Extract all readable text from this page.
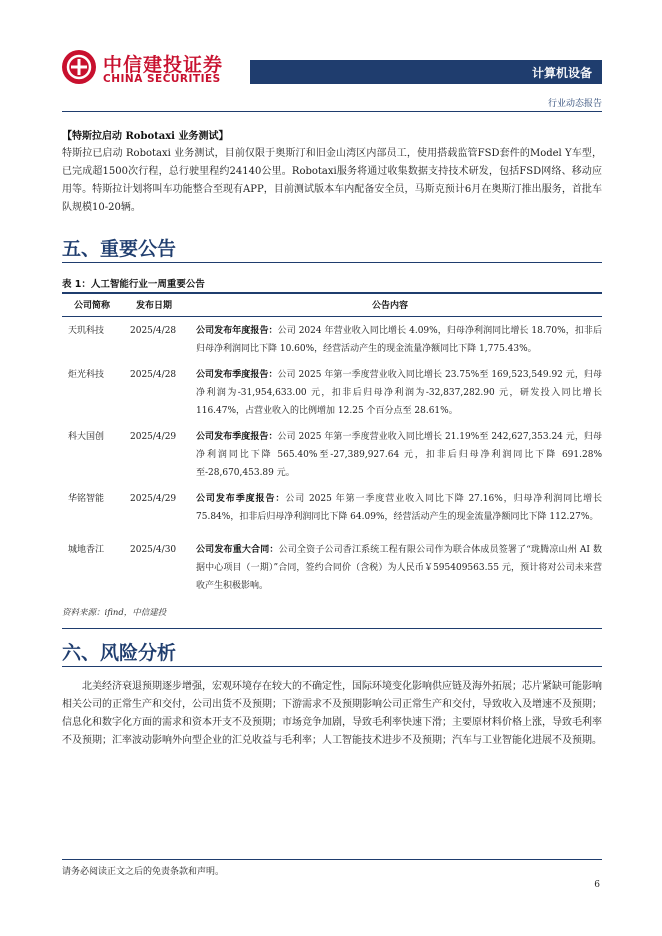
中信建投证券
CHINA SECURITIES	计算机设备
行业动态报告
【特斯拉启动 Robotaxi 业务测试】
特斯拉已启动 Robotaxi 业务测试，目前仅限于奥斯汀和旧金山湾区内部员工，使用搭载监管FSD套件的Model Y车型，已完成超1500次行程，总行驶里程约24140公里。Robotaxi服务将通过收集数据支持技术研发，包括FSD网络、移动应用等。特斯拉计划将叫车功能整合至现有APP，目前测试版本车内配备安全员，马斯克预计6月在奥斯汀推出服务，首批车队规模10-20辆。
五、重要公告
表 1：人工智能行业一周重要公告
公司简称	发布日期	公告内容
天玑科技	2025/4/28	公司发布年度报告：公司 2024 年营业收入同比增长 4.09%，归母净利润同比增长 18.70%，扣非后归母净利润同比下降 10.60%，经营活动产生的现金流量净额同比下降 1,775.43%。
炬光科技	2025/4/28	公司发布季度报告：公司 2025 年第一季度营业收入同比增长 23.75%至 169,523,549.92 元，归母净利润为-31,954,633.00 元，扣非后归母净利润为-32,837,282.90 元，研发投入同比增长 116.47%，占营业收入的比例增加 12.25 个百分点至 28.61%。
科大国创	2025/4/29	公司发布季度报告：公司 2025 年第一季度营业收入同比增长 21.19%至 242,627,353.24 元，归母净利润同比下降 565.40%至-27,389,927.64 元，扣非后归母净利润同比下降 691.28%至-28,670,453.89 元。
华铭智能	2025/4/29	公司发布季度报告：公司 2025 年第一季度营业收入同比下降 27.16%，归母净利润同比增长 75.84%，扣非后归母净利润同比下降 64.09%，经营活动产生的现金流量净额同比下降 112.27%。
城地香江	2025/4/30	公司发布重大合同：公司全资子公司香江系统工程有限公司作为联合体成员签署了“珑腾凉山州 AI 数据中心项目（一期）”合同，签约合同价（含税）为人民币￥595409563.55 元，预计将对公司未来营收产生积极影响。
资料来源：ifind，中信建投
六、风险分析
北美经济衰退预期逐步增强，宏观环境存在较大的不确定性，国际环境变化影响供应链及海外拓展；芯片紧缺可能影响相关公司的正常生产和交付，公司出货不及预期；下游需求不及预期影响公司正常生产和交付，导致收入及增速不及预期；信息化和数字化方面的需求和资本开支不及预期；市场竞争加剧，导致毛利率快速下滑；主要原材料价格上涨，导致毛利率不及预期；汇率波动影响外向型企业的汇兑收益与毛利率；人工智能技术进步不及预期；汽车与工业智能化进展不及预期。
请务必阅读正文之后的免责条款和声明。
6
